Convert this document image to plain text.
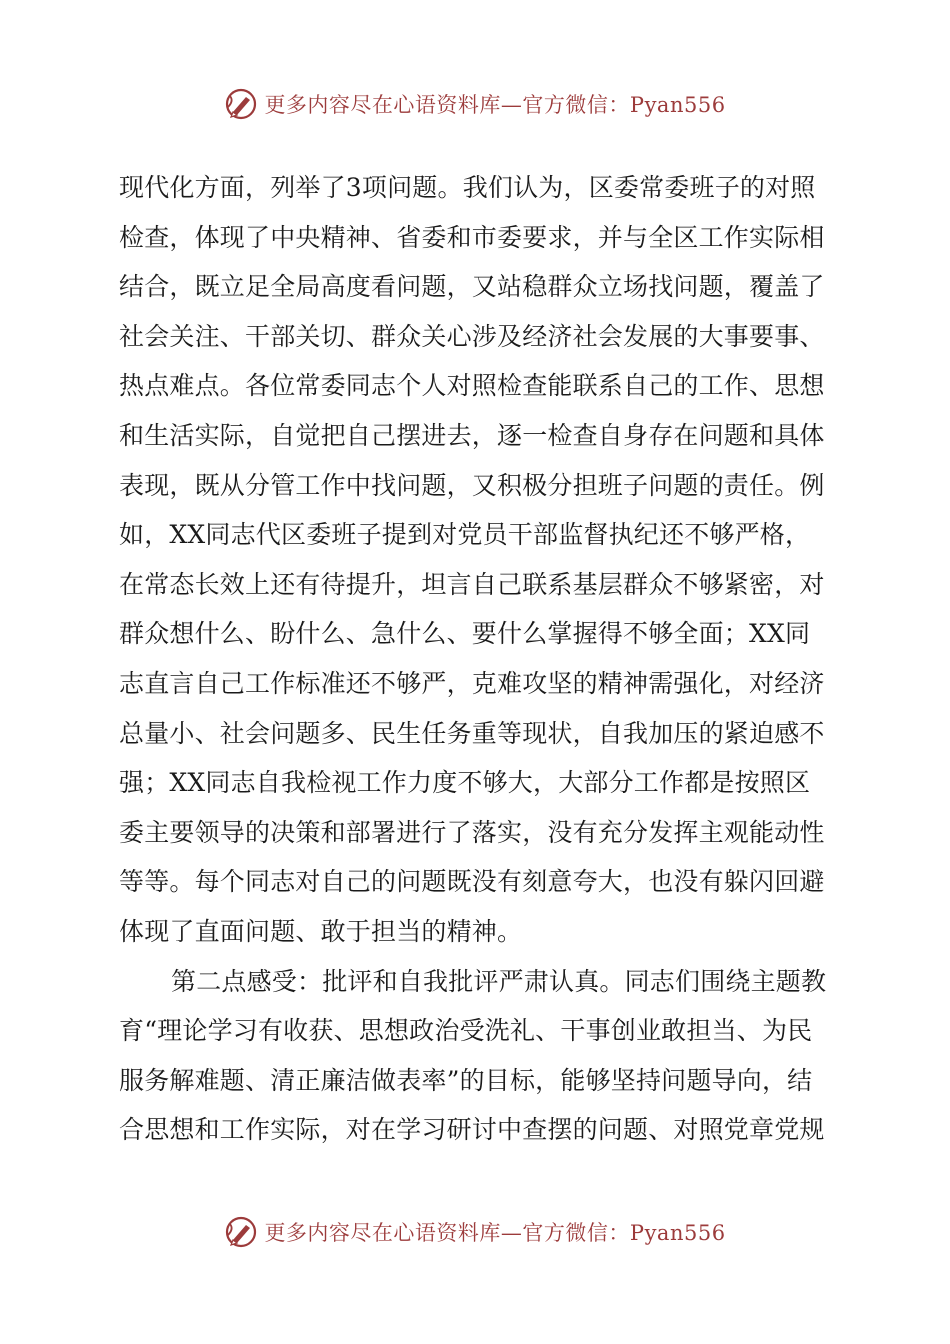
更多内容尽在心语资料库—官方微信：Pyan556
现代化方面，列举了3项问题。我们认为，区委常委班子的对照
检查，体现了中央精神、省委和市委要求，并与全区工作实际相
结合，既立足全局高度看问题，又站稳群众立场找问题，覆盖了
社会关注、干部关切、群众关心涉及经济社会发展的大事要事、
热点难点。各位常委同志个人对照检查能联系自己的工作、思想
和生活实际，自觉把自己摆进去，逐一检查自身存在问题和具体
表现，既从分管工作中找问题，又积极分担班子问题的责任。例
如，XX同志代区委班子提到对党员干部监督执纪还不够严格，
在常态长效上还有待提升，坦言自己联系基层群众不够紧密，对
群众想什么、盼什么、急什么、要什么掌握得不够全面；XX同
志直言自己工作标准还不够严，克难攻坚的精神需强化，对经济
总量小、社会问题多、民生任务重等现状，自我加压的紧迫感不
强；XX同志自我检视工作力度不够大，大部分工作都是按照区
委主要领导的决策和部署进行了落实，没有充分发挥主观能动性
等等。每个同志对自己的问题既没有刻意夸大，也没有躲闪回避
体现了直面问题、敢于担当的精神。
第二点感受：批评和自我批评严肃认真。同志们围绕主题教
育“理论学习有收获、思想政治受洗礼、干事创业敢担当、为民
服务解难题、清正廉洁做表率”的目标，能够坚持问题导向，结
合思想和工作实际，对在学习研讨中查摆的问题、对照党章党规
更多内容尽在心语资料库—官方微信：Pyan556
